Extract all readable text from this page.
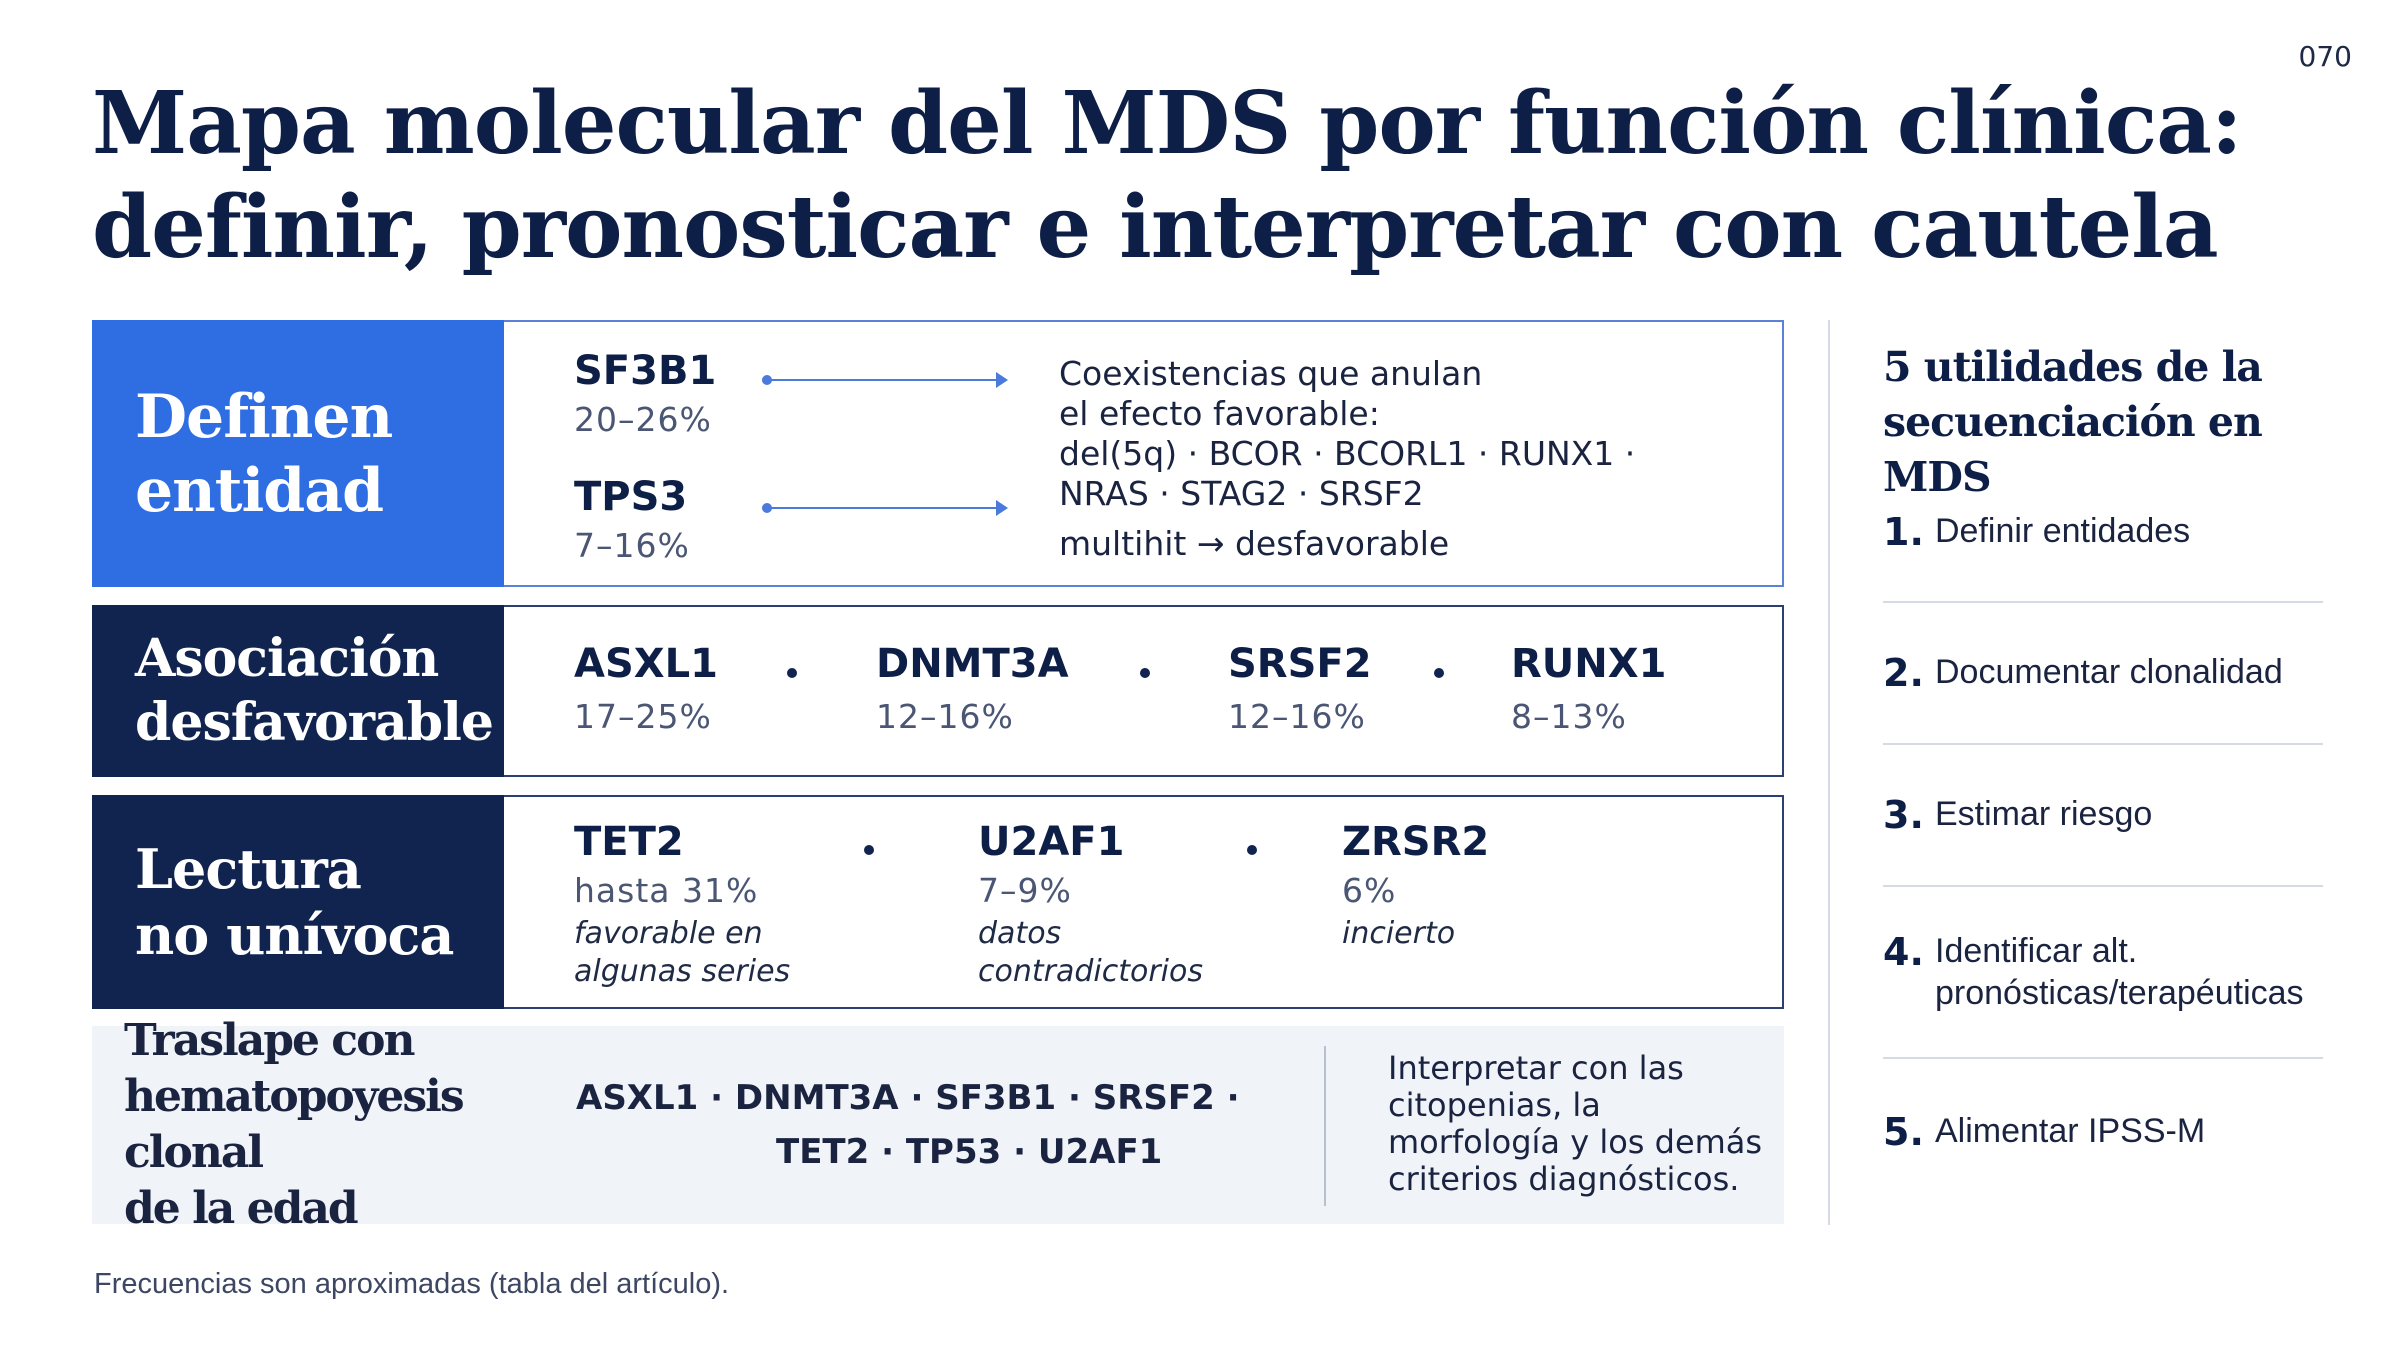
070
Mapa molecular del MDS por función clínica:
definir, pronosticar e interpretar con cautela
Definen
entidad
SF3B1
20–26%
TPS3
7–16%
Coexistencias que anulan
el efecto favorable:
del(5q) · BCOR · BCORL1 · RUNX1 ·
NRAS · STAG2 · SRSF2
multihit → desfavorable
Asociación
desfavorable
ASXL1
17–25%
DNMT3A
12–16%
SRSF2
12–16%
RUNX1
8–13%
Lectura
no unívoca
TET2
hasta 31%
favorable en
algunas series
U2AF1
7–9%
datos
contradictorios
ZRSR2
6%
incierto
Traslape con
hematopoyesis clonal
de la edad
ASXL1 · DNMT3A · SF3B1 · SRSF2 ·
TET2 · TP53 · U2AF1
Interpretar con las citopenias, la morfología y los demás criterios diagnósticos.
5 utilidades de la
secuenciación en MDS
1. Definir entidades
2. Documentar clonalidad
3. Estimar riesgo
4. Identificar alt. pronósticas/terapéuticas
5. Alimentar IPSS-M
Frecuencias son aproximadas (tabla del artículo).
